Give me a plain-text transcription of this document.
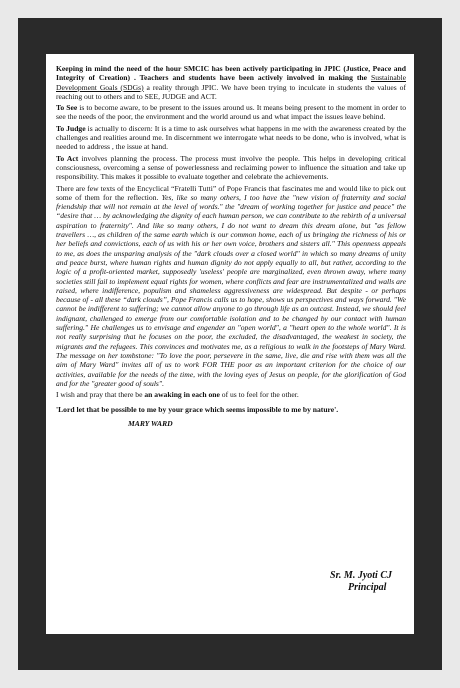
Keeping in mind the need of the hour SMCIC has been actively participating in JPIC (Justice, Peace and Integrity of Creation) . Teachers and students have been actively involved in making the Sustainable Development Goals (SDGs) a reality through JPIC. We have been trying to inculcate in students the values of reaching out to others and to SEE, JUDGE and ACT.

To See is to become aware, to be present to the issues around us. It means being present to the moment in order to see the needs of the poor, the environment and the world around us and what impact the issues leave behind.

To Judge is actually to discern: It is a time to ask ourselves what happens in me with the awareness created by the challenges and realities around me. In discernment we interrogate what needs to be done, who is involved, what is needed to address , the issue at hand.

To Act involves planning the process. The process must involve the people. This helps in developing critical consciousness, overcoming a sense of powerlessness and reclaiming power to influence the situation and take up responsibility. This makes it possible to evaluate together and celebrate the achievements.

There are few texts of the Encyclical “Fratelli Tutti” of Pope Francis that fascinates me and would like to pick out some of them for the reflection. Yes, like so many others, I too have the "new vision of fraternity and social friendship that will not remain at the level of words." the "dream of working together for justice and peace" the “desire that … by acknowledging the dignity of each human person, we can contribute to the rebirth of a universal aspiration to fraternity". And like so many others, I do not want to dream this dream alone, but "as fellow travellers …, as children of the same earth which is our common home, each of us bringing the richness of his or her beliefs and convictions, each of us with his or her own voice, brothers and sisters all." This openness appeals to me, as does the unsparing analysis of the "dark clouds over a closed world" in which so many dreams of unity and peace burst, where human rights and human dignity do not apply equally to all, but rather, according to the logic of a profit-oriented market, supposedly 'useless' people are marginalized, even thrown away, where many societies still fail to implement equal rights for women, where conflicts and fear are instrumentalized and walls are raised, where indifference, populism and shameless aggressiveness are widespread. But despite - or perhaps because of - all these “dark clouds”, Pope Francis calls us to hope, shows us perspectives and ways forward. "We cannot be indifferent to suffering; we cannot allow anyone to go through life as an outcast. Instead, we should feel indignant, challenged to emerge from our comfortable isolation and to be changed by our contact with human suffering." He challenges us to envisage and engender an "open world", a "heart open to the whole world". It is not really surprising that he focuses on the poor, the excluded, the disadvantaged, the weakest in society, the migrants and the refugees. This convinces and motivates me, as a religious to walk in the footsteps of Mary Ward. The message on her tombstone: "To love the poor, persevere in the same, live, die and rise with them was all the aim of Mary Ward" invites all of us to work FOR THE poor as an important criterion for the choice of our activities, available for the needs of the time, with the loving eyes of Jesus on people, for the glorification of God and for the "greater good of souls".

I wish and pray that there be an awaking in each one of us to feel for the other.

'Lord let that be possible to me by your grace which seems impossible to me by nature'.

MARY WARD
Sr. M. Jyoti CJ
Principal
